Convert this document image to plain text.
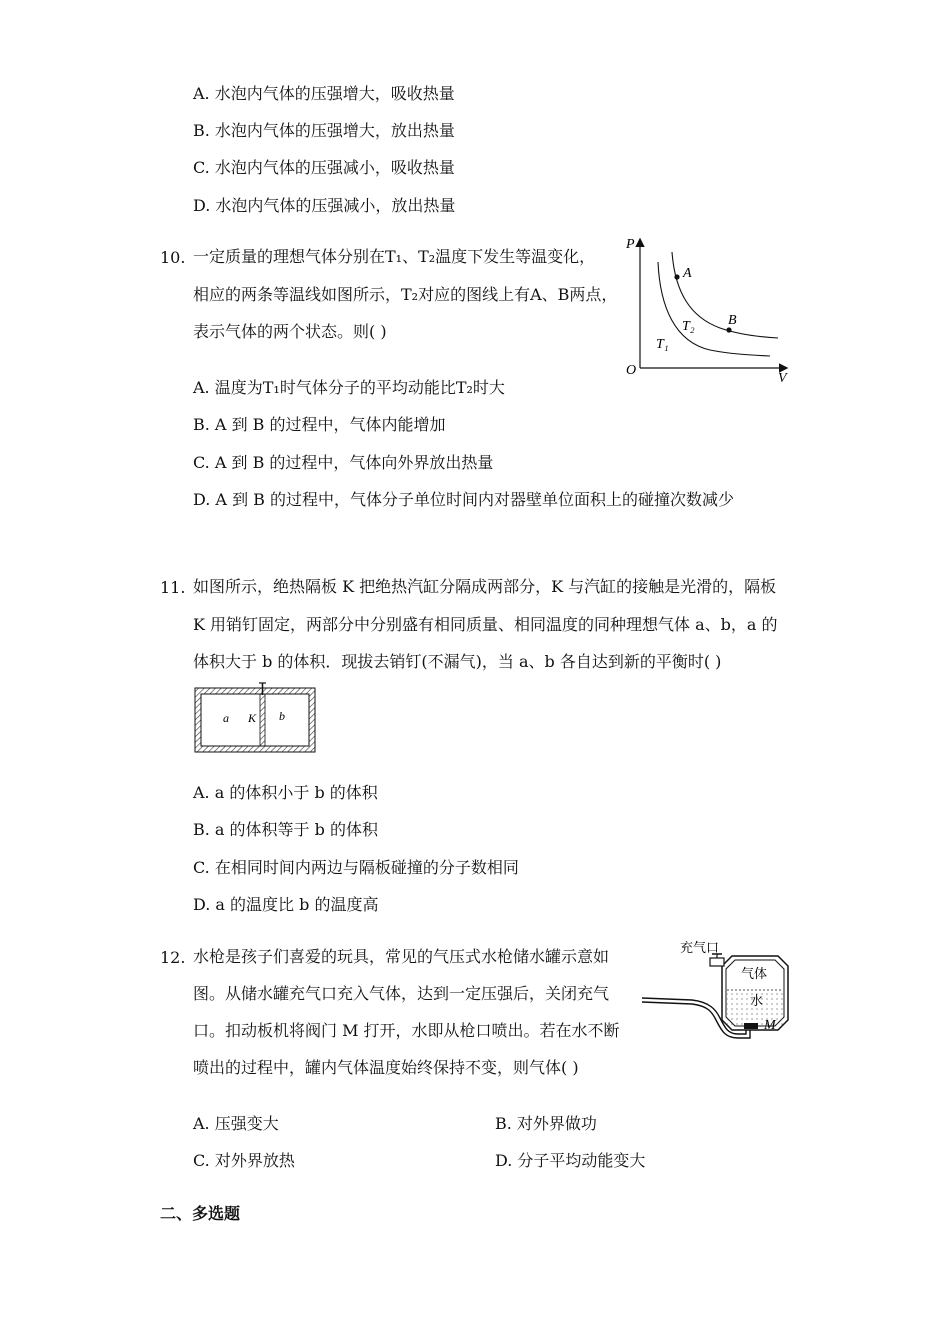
A. 水泡内气体的压强增大，吸收热量
B. 水泡内气体的压强增大，放出热量
C. 水泡内气体的压强减小，吸收热量
D. 水泡内气体的压强减小，放出热量
10. 一定质量的理想气体分别在T₁、T₂温度下发生等温变化，
相应的两条等温线如图所示，T₂对应的图线上有A、B两点，
表示气体的两个状态。则( )
P
V
O
A
B
T₂
T₁
A. 温度为T₁时气体分子的平均动能比T₂时大
B. A 到 B 的过程中，气体内能增加
C. A 到 B 的过程中，气体向外界放出热量
D. A 到 B 的过程中，气体分子单位时间内对器壁单位面积上的碰撞次数减少
11. 如图所示，绝热隔板 K 把绝热汽缸分隔成两部分，K 与汽缸的接触是光滑的，隔板
K 用销钉固定，两部分中分别盛有相同质量、相同温度的同种理想气体 a、b，a 的
体积大于 b 的体积．现拔去销钉(不漏气)，当 a、b 各自达到新的平衡时( )
a K b
A. a 的体积小于 b 的体积
B. a 的体积等于 b 的体积
C. 在相同时间内两边与隔板碰撞的分子数相同
D. a 的温度比 b 的温度高
12. 水枪是孩子们喜爱的玩具，常见的气压式水枪储水罐示意如
图。从储水罐充气口充入气体，达到一定压强后，关闭充气
口。扣动板机将阀门 M 打开，水即从枪口喷出。若在水不断
喷出的过程中，罐内气体温度始终保持不变，则气体( )
充气口
气体
水
M
A. 压强变大	B. 对外界做功
C. 对外界放热	D. 分子平均动能变大
二、多选题
